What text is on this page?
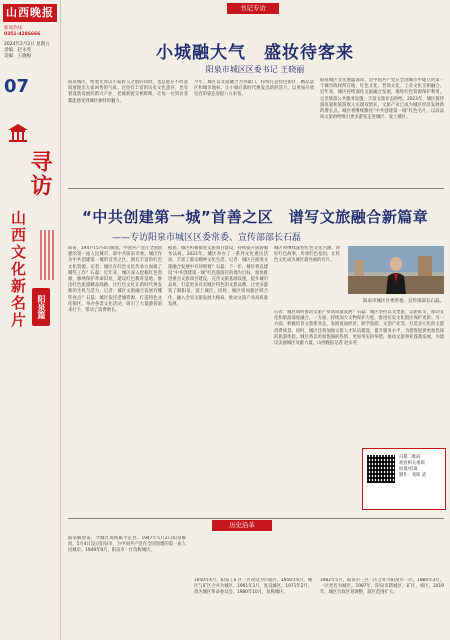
山西晚报
新闻热线：
0351-4286666
2024年2月2日 星期五
责编：赵永英
美编：王晓梅
07
寻访
山西文化新名片	阳泉篇
书记专访
小城融大气　盛妆待客来
阳泉市城区区委书记 王晓丽
阳泉城区，给观光客以小家碧玉之感的同时，也总能在不经意间展现出大家闺秀的气质。这里有丰富的历史文化遗存，也有着蓬勃发展的新兴产业，老城新貌交相辉映，让每一位到访者都能感受到城区独特的魅力。
今年，城区以文旅融合为突破口，持续打造特色街区、精品景区和城市地标，让小城在新时代焕发出新的活力，以更加开放包容的姿态迎接八方来客。
阳泉城区文化底蕴深厚，是中国共产党在全国城市中建立的第一个城市政权所在地，红色文化、晋商文化、工业文化交相融合。近年来，城区持续深化文旅融合发展，推进红色资源保护利用，完善旅游公共服务设施，丰富文旅业态供给。2023年，城区接待游客量和旅游收入实现双增长，文旅产业已成为城区经济发展新的增长点。城区将继续擦亮“中共创建第一城”红色名片，以高品质文旅供给吸引更多游客走进城区、爱上城区。
“中共创建第一城”首善之区　谱写文旅融合新篇章
——专访阳泉市城区区委常委、宣传部部长石磊
阳泉，1947年5月4日解放，中国共产党在全国创建的第一座人民城市，即中共阳泉市委。城区作为中共创建第一城的首善之区，拥有丰富的红色文化资源。记者：城区在红色文化传承方面做了哪些工作？石磊：近年来，城区深入挖掘红色资源，修缮保护革命旧址，建设红色教育基地，推出红色旅游精品线路，让红色文化在新时代焕发新的生机与活力。记者：城区文旅融合发展有哪些亮点？石磊：城区依托老城资源，打造特色文化街区，举办各类文化活动，吸引了大量游客前来打卡，带动了消费增长。
据悉，城区积极推进文旅项目建设，持续提升旅游服务品质。2023年，城区举办了一系列文化惠民活动，丰富了群众精神文化生活。记者：城区在推进文旅融合发展中有何规划？石磊：下一步，城区将以建设“中共创建第一城”红色旅游目的地为目标，加快推进重点文旅项目建设，完善文旅基础设施，提升城市品质，打造更多具有城区特色的文旅品牌，让更多游客了解阳泉、爱上城区。同时，城区将加强区域合作，融入全省文旅发展大格局，推动文旅产业高质量发展。
城区将继续深挖红色文化内涵，讲好红色故事，传承红色基因，让红色文化成为城区最亮丽的名片。
阳泉市城区区委常委、宣传部部长石磊。
记者：城区如何推动文旅产业高质量发展？石磊：城区坚持以文塑旅、以旅彰文，推动文化和旅游深度融合。一方面，持续加大文物保护力度，推进历史文化街区保护更新；另一方面，积极培育文旅新业态，发展夜间经济、研学旅游、文创产业等，打造多元化的文旅消费场景。同时，城区还将加强文旅人才队伍建设，提升服务水平，为游客提供更加优质的旅游体验。城区将以更加饱满的热情、更加务实的举措，推动文旅事业蓬勃发展，为建设美丽城区贡献力量。山西晚报记者 赵永英
扫描二维码
观看相关视频
拍摄/剪辑
制作：张晖 武
历史沿革
阳泉解放前，今城区境域属平定县。1947年5月2日阳泉解放，5月4日设立阳泉市，为中国共产党在全国创建的第一座人民城市。1949年9月，阳泉市一区改称城区。
1950年4月，阳泉工矿区一区改设为市辖区。1956年6月，城区与矿区合并为城区。1961年3月，复设城区。1971年2月，改为城区革命委员会。1980年10月，复称城区。
1982年5月，阳泉市三区一区合并为阳泉市一区。1984年3月，一区更名为城区。1987年，阳泉市辖城区、矿区、郊区。2019年，城区行政区划调整，辖区范围扩大。
